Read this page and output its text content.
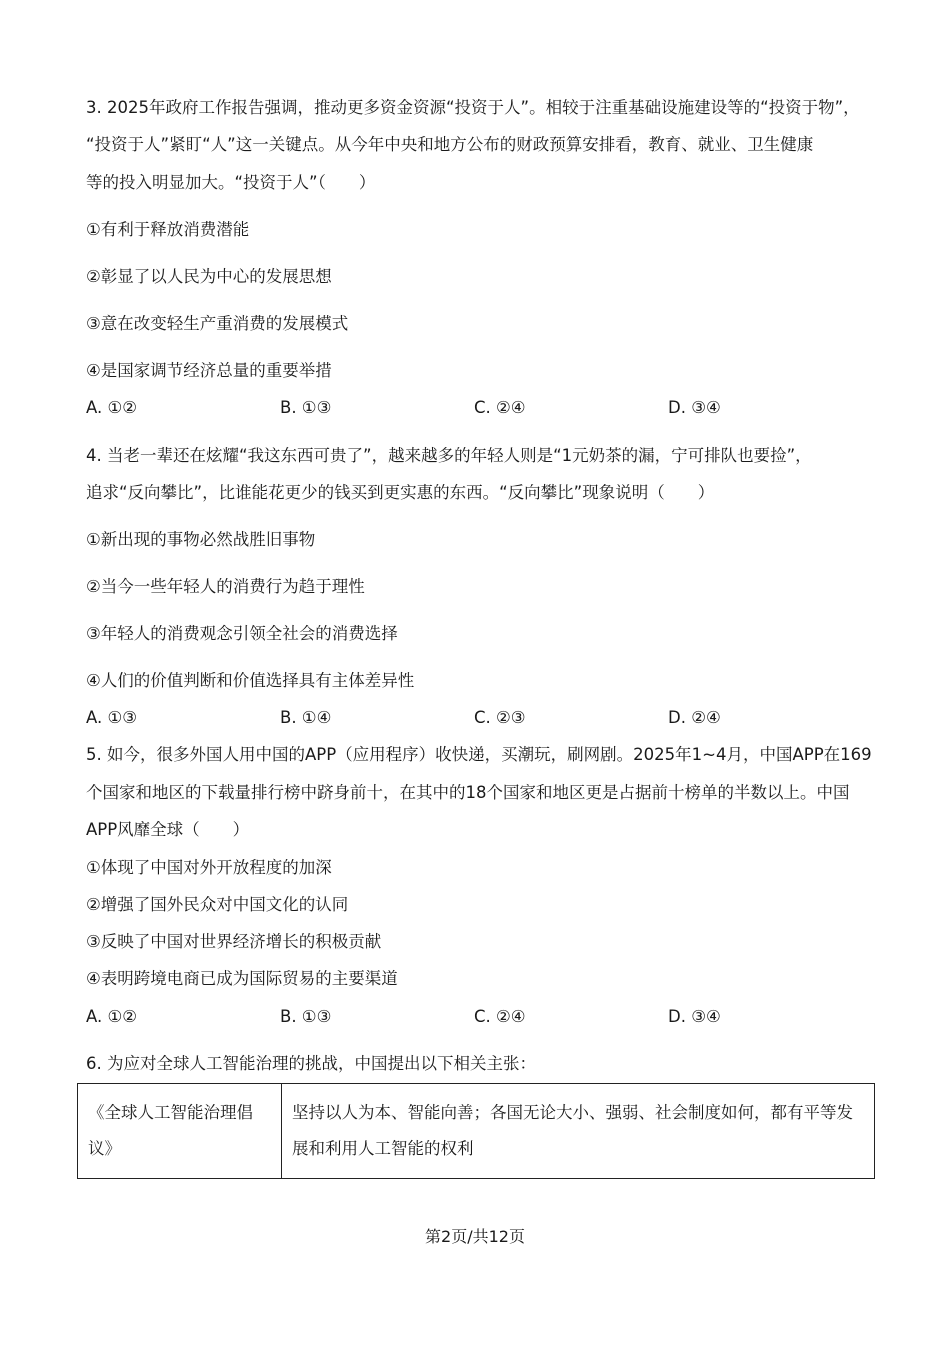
3. 2025年政府工作报告强调，推动更多资金资源“投资于人”。相较于注重基础设施建设等的“投资于物”，
“投资于人”紧盯“人”这一关键点。从今年中央和地方公布的财政预算安排看，教育、就业、卫生健康
等的投入明显加大。“投资于人”（　　）
①有利于释放消费潜能
②彰显了以人民为中心的发展思想
③意在改变轻生产重消费的发展模式
④是国家调节经济总量的重要举措
A. ①②	B. ①③	C. ②④	D. ③④
4. 当老一辈还在炫耀“我这东西可贵了”，越来越多的年轻人则是“1元奶茶的漏，宁可排队也要捡”，
追求“反向攀比”，比谁能花更少的钱买到更实惠的东西。“反向攀比”现象说明（　　）
①新出现的事物必然战胜旧事物
②当今一些年轻人的消费行为趋于理性
③年轻人的消费观念引领全社会的消费选择
④人们的价值判断和价值选择具有主体差异性
A. ①③	B. ①④	C. ②③	D. ②④
5. 如今，很多外国人用中国的APP（应用程序）收快递，买潮玩，刷网剧。2025年1~4月，中国APP在169
个国家和地区的下载量排行榜中跻身前十，在其中的18个国家和地区更是占据前十榜单的半数以上。中国
APP风靡全球（　　）
①体现了中国对外开放程度的加深
②增强了国外民众对中国文化的认同
③反映了中国对世界经济增长的积极贡献
④表明跨境电商已成为国际贸易的主要渠道
A. ①②	B. ①③	C. ②④	D. ③④
6. 为应对全球人工智能治理的挑战，中国提出以下相关主张：
《全球人工智能治理倡
议》

坚持以人为本、智能向善；各国无论大小、强弱、社会制度如何，都有平等发
展和利用人工智能的权利
第2页/共12页
